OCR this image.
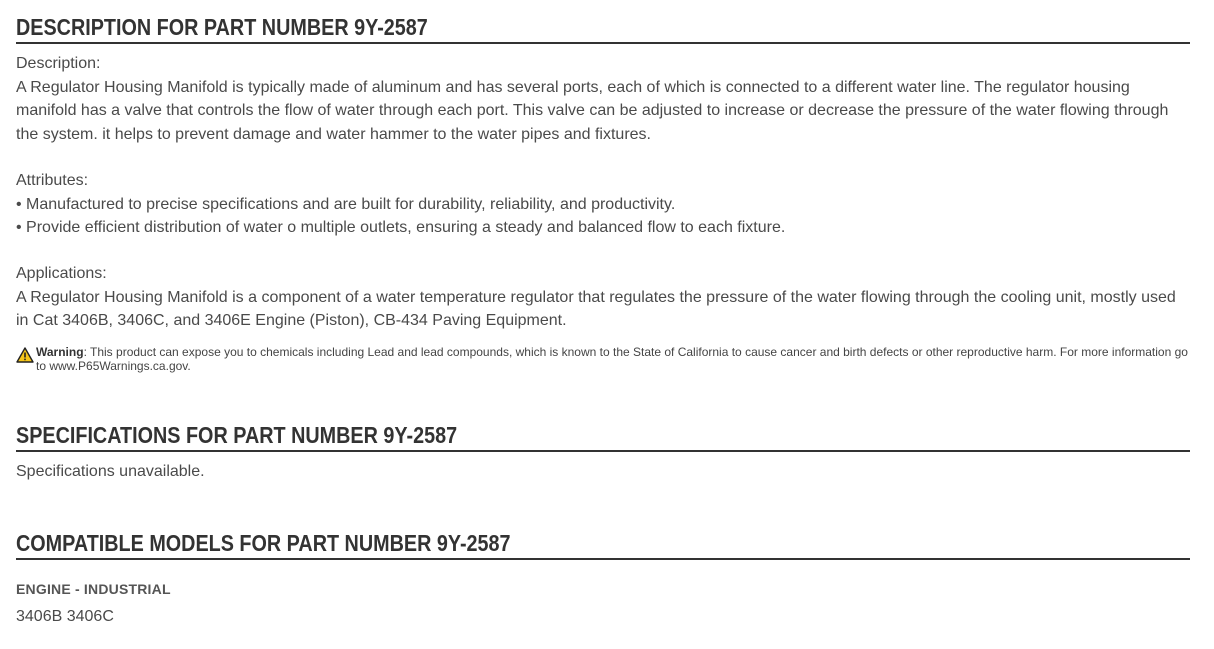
DESCRIPTION FOR PART NUMBER 9Y-2587

Description:

A Regulator Housing Manifold is typically made of aluminum and has several ports, each of which is connected to a different water line. The regulator housing manifold has a valve that controls the flow of water through each port. This valve can be adjusted to increase or decrease the pressure of the water flowing through the system. it helps to prevent damage and water hammer to the water pipes and fixtures.

Attributes:

• Manufactured to precise specifications and are built for durability, reliability, and productivity.

• Provide efficient distribution of water o multiple outlets, ensuring a steady and balanced flow to each fixture.

Applications:

A Regulator Housing Manifold is a component of a water temperature regulator that regulates the pressure of the water flowing through the cooling unit, mostly used in Cat 3406B, 3406C, and 3406E Engine (Piston), CB-434 Paving Equipment.

Warning: This product can expose you to chemicals including Lead and lead compounds, which is known to the State of California to cause cancer and birth defects or other reproductive harm. For more information go to www.P65Warnings.ca.gov.
SPECIFICATIONS FOR PART NUMBER 9Y-2587

Specifications unavailable.

COMPATIBLE MODELS FOR PART NUMBER 9Y-2587
ENGINE - INDUSTRIAL
3406B 3406C
